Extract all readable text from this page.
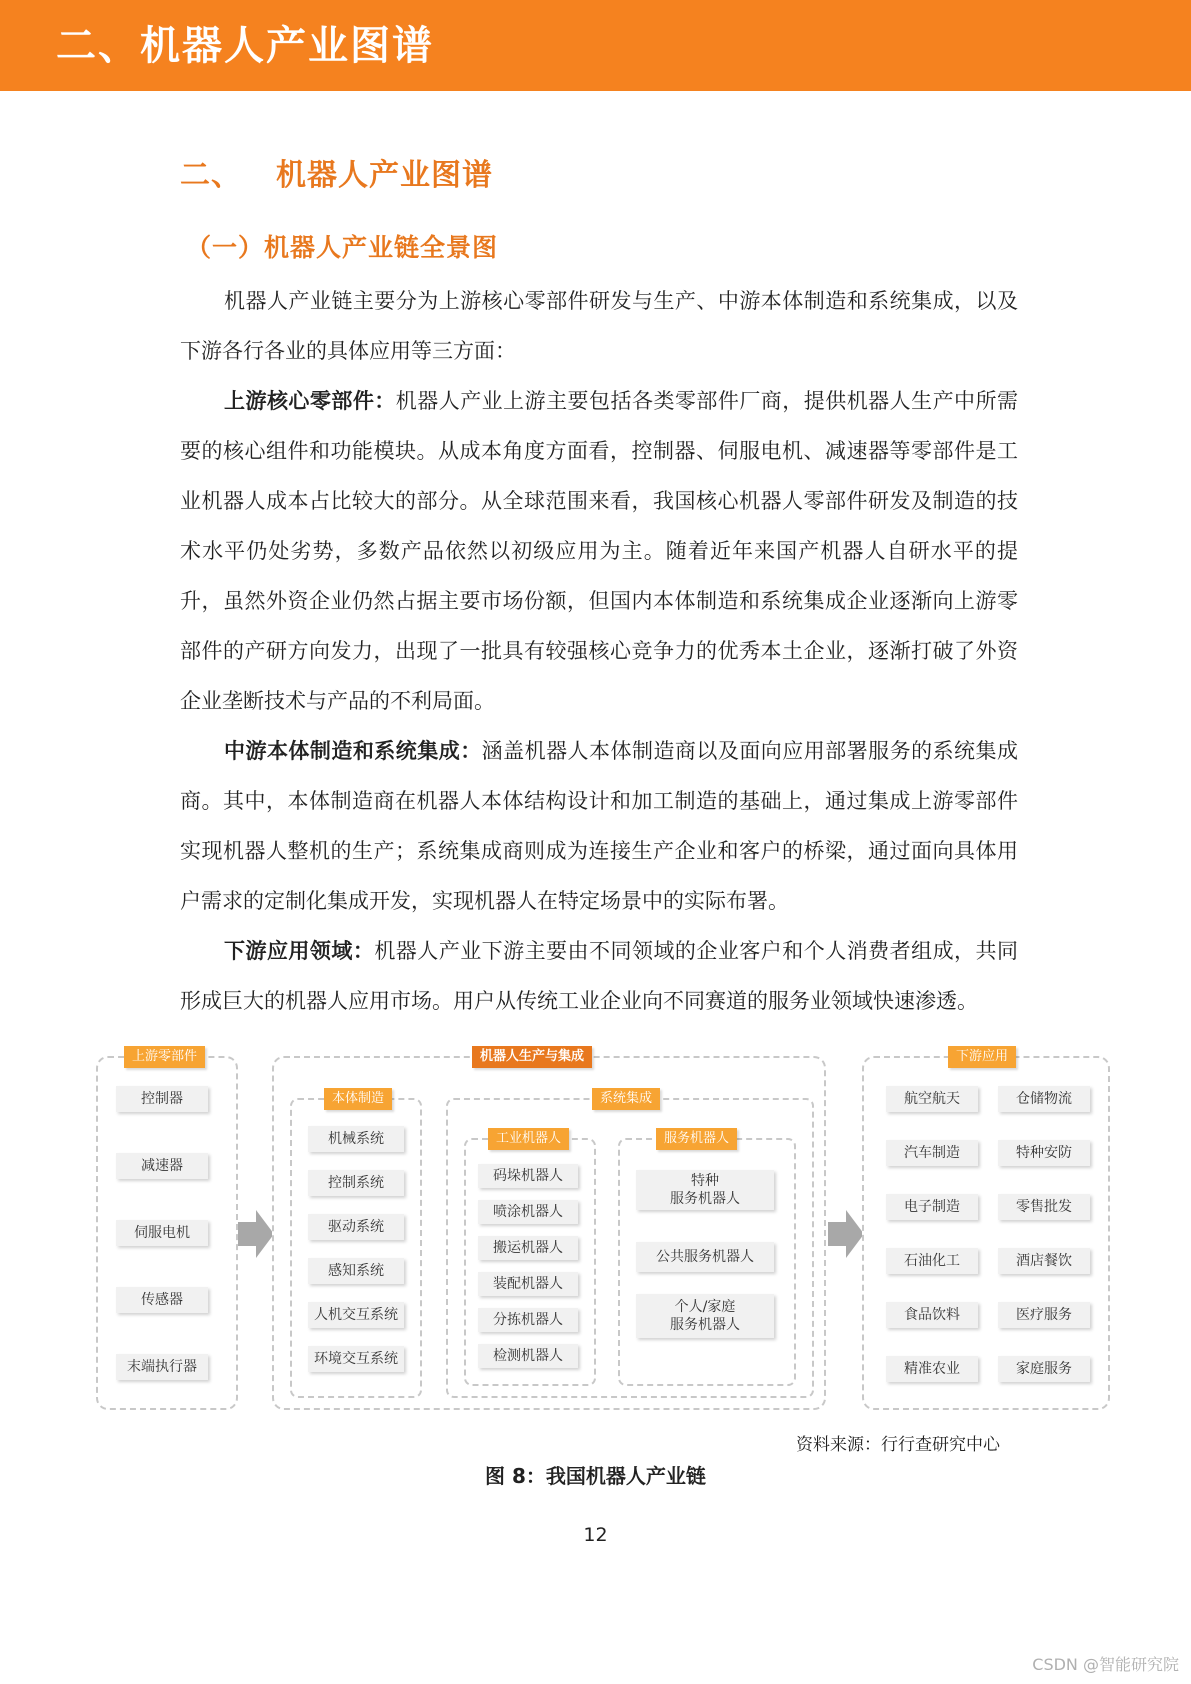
二、机器人产业图谱
二、 机器人产业图谱
（一）机器人产业链全景图

机器人产业链主要分为上游核心零部件研发与生产、中游本体制造和系统集成，以及下游各行各业的具体应用等三方面：

上游核心零部件：机器人产业上游主要包括各类零部件厂商，提供机器人生产中所需要的核心组件和功能模块。从成本角度方面看，控制器、伺服电机、减速器等零部件是工业机器人成本占比较大的部分。从全球范围来看，我国核心机器人零部件研发及制造的技术水平仍处劣势，多数产品依然以初级应用为主。随着近年来国产机器人自研水平的提升，虽然外资企业仍然占据主要市场份额，但国内本体制造和系统集成企业逐渐向上游零部件的产研方向发力，出现了一批具有较强核心竞争力的优秀本土企业，逐渐打破了外资企业垄断技术与产品的不利局面。

中游本体制造和系统集成：涵盖机器人本体制造商以及面向应用部署服务的系统集成商。其中，本体制造商在机器人本体结构设计和加工制造的基础上，通过集成上游零部件实现机器人整机的生产；系统集成商则成为连接生产企业和客户的桥梁，通过面向具体用户需求的定制化集成开发，实现机器人在特定场景中的实际布署。

下游应用领域：机器人产业下游主要由不同领域的企业客户和个人消费者组成，共同形成巨大的机器人应用市场。用户从传统工业企业向不同赛道的服务业领域快速渗透。

上游零部件	机器人生产与集成
本体制造	系统集成
工业机器人	服务机器人
下游应用
控制器
减速器
伺服电机
传感器
末端执行器
机械系统
控制系统
驱动系统
感知系统
人机交互系统
环境交互系统
码垛机器人
喷涂机器人
搬运机器人
装配机器人
分拣机器人
检测机器人
特种
服务机器人
公共服务机器人
个人/家庭
服务机器人
航空航天	仓储物流
汽车制造	特种安防
电子制造	零售批发
石油化工	酒店餐饮
食品饮料	医疗服务
精准农业	家庭服务
资料来源：行行查研究中心
图 8：我国机器人产业链
12
CSDN @智能研究院
